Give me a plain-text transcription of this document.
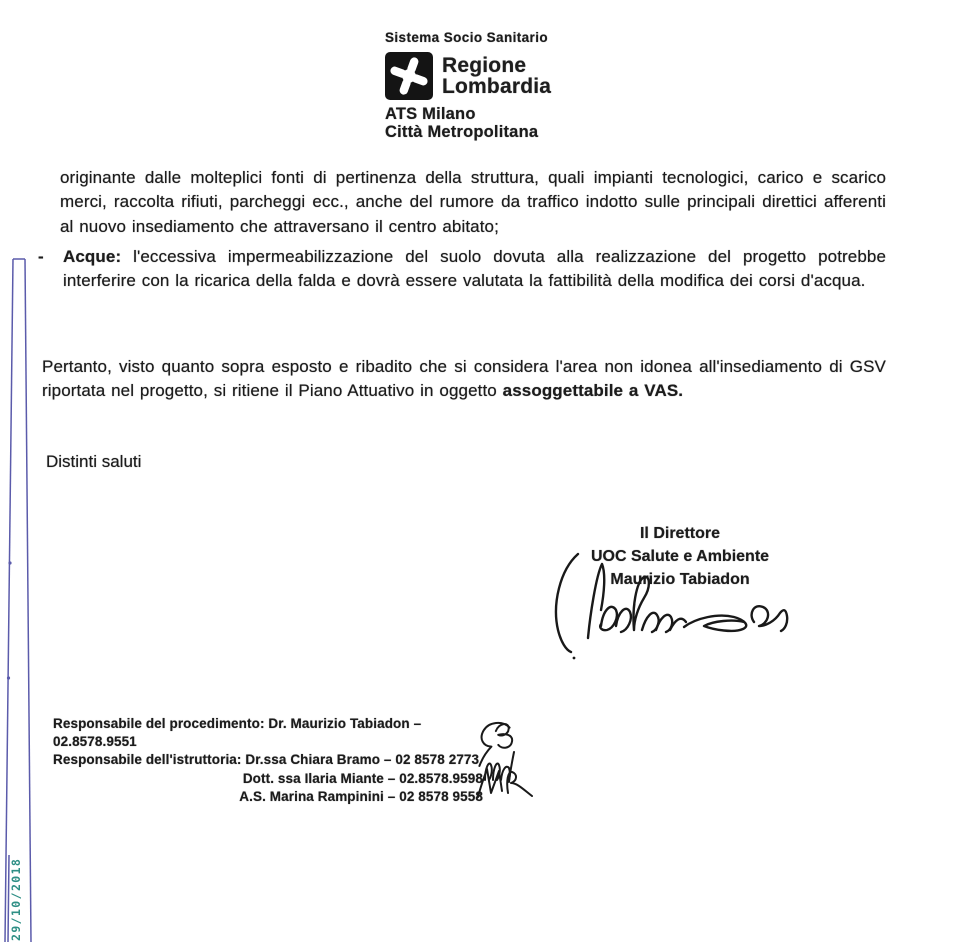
Sistema Socio Sanitario
Regione
Lombardia
ATS Milano
Città Metropolitana

originante dalle molteplici fonti di pertinenza della struttura, quali impianti tecnologici, carico e scarico merci, raccolta rifiuti, parcheggi ecc., anche del rumore da traffico indotto sulle principali direttici afferenti al nuovo insediamento che attraversano il centro abitato;

- Acque: l'eccessiva impermeabilizzazione del suolo dovuta alla realizzazione del progetto potrebbe interferire con la ricarica della falda e dovrà essere valutata la fattibilità della modifica dei corsi d'acqua.

Pertanto, visto quanto sopra esposto e ribadito che si considera l'area non idonea all'insediamento di GSV riportata nel progetto, si ritiene il Piano Attuativo in oggetto assoggettabile a VAS.

Distinti saluti
Il Direttore
UOC Salute e Ambiente
Maurizio Tabiadon
Responsabile del procedimento: Dr. Maurizio Tabiadon – 02.8578.9551
Responsabile dell'istruttoria: Dr.ssa Chiara Bramo – 02 8578 2773
Dott. ssa Ilaria Miante – 02.8578.9598
A.S. Marina Rampinini – 02 8578 9558
29/10/2018
